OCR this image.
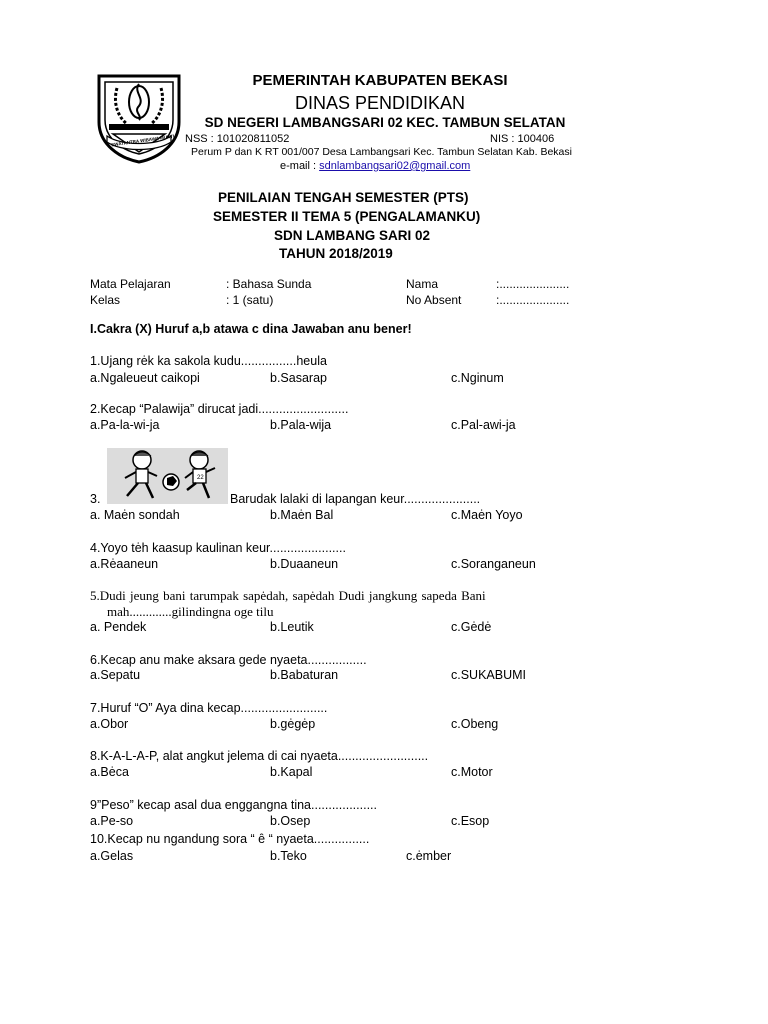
SWATANTRA WIBAWA MUKTI
PEMERINTAH KABUPATEN BEKASI
DINAS PENDIDIKAN
SD NEGERI LAMBANGSARI 02 KEC. TAMBUN SELATAN
NSS : 101020811052	NIS : 100406
Perum P dan K RT 001/007 Desa Lambangsari Kec. Tambun Selatan Kab. Bekasi
e-mail : sdnlambangsari02@gmail.com
PENILAIAN TENGAH SEMESTER (PTS)
SEMESTER II TEMA 5 (PENGALAMANKU)
SDN LAMBANG SARI 02
TAHUN 2018/2019
Mata Pelajaran	: Bahasa Sunda	Nama	:.....................
Kelas	: 1 (satu)	No Absent	:.....................
I.Cakra (X) Huruf a,b atawa c dina Jawaban anu bener!
1.Ujang rėk ka sakola kudu................heula
a.Ngaleueut caikopi	b.Sasarap	c.Nginum
2.Kecap “Palawija” dirucat jadi..........................
a.Pa-la-wi-ja	b.Pala-wija	c.Pal-awi-ja
22
3.	Barudak lalaki di lapangan keur......................
a. Maėn sondah	b.Maėn Bal	c.Maėn Yoyo
4.Yoyo tėh kaasup kaulinan keur......................
a.Rėaaneun	b.Duaaneun	c.Soranganeun
5.Dudi jeung bani tarumpak sapėdah, sapėdah Dudi jangkung sapeda Bani
mah.............gilindingna oge tilu
a. Pendek	b.Leutik	c.Gėdė
6.Kecap anu make aksara gede nyaeta.................
a.Sepatu	b.Babaturan	c.SUKABUMI
7.Huruf “O” Aya dina kecap.........................
a.Obor	b.gėgėp	c.Obeng
8.K-A-L-A-P, alat angkut jelema di cai nyaeta..........................
a.Bėca	b.Kapal	c.Motor
9”Peso” kecap asal dua enggangna tina...................
a.Pe-so	b.Osep	c.Esop
10.Kecap nu ngandung sora “ ȇ “ nyaeta................
a.Gelas	b.Teko	c.ėmber
